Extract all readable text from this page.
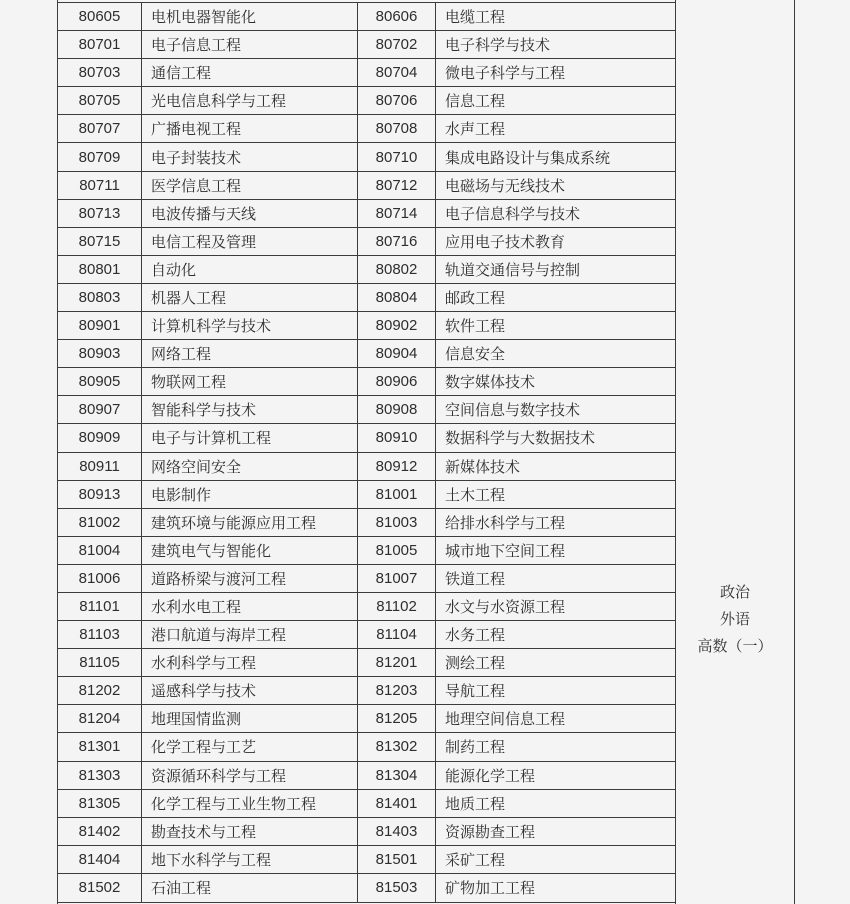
80605	电机电器智能化	80606	电缆工程
80701	电子信息工程	80702	电子科学与技术
80703	通信工程	80704	微电子科学与工程
80705	光电信息科学与工程	80706	信息工程
80707	广播电视工程	80708	水声工程
80709	电子封装技术	80710	集成电路设计与集成系统
80711	医学信息工程	80712	电磁场与无线技术
80713	电波传播与天线	80714	电子信息科学与技术
80715	电信工程及管理	80716	应用电子技术教育
80801	自动化	80802	轨道交通信号与控制
80803	机器人工程	80804	邮政工程
80901	计算机科学与技术	80902	软件工程
80903	网络工程	80904	信息安全
80905	物联网工程	80906	数字媒体技术
80907	智能科学与技术	80908	空间信息与数字技术
80909	电子与计算机工程	80910	数据科学与大数据技术
80911	网络空间安全	80912	新媒体技术
80913	电影制作	81001	土木工程
81002	建筑环境与能源应用工程	81003	给排水科学与工程
81004	建筑电气与智能化	81005	城市地下空间工程
81006	道路桥梁与渡河工程	81007	铁道工程
81101	水利水电工程	81102	水文与水资源工程
81103	港口航道与海岸工程	81104	水务工程
81105	水利科学与工程	81201	测绘工程
81202	遥感科学与技术	81203	导航工程
81204	地理国情监测	81205	地理空间信息工程
81301	化学工程与工艺	81302	制药工程
81303	资源循环科学与工程	81304	能源化学工程
81305	化学工程与工业生物工程	81401	地质工程
81402	勘查技术与工程	81403	资源勘查工程
81404	地下水科学与工程	81501	采矿工程
81502	石油工程	81503	矿物加工工程
政治
外语
高数（一）
